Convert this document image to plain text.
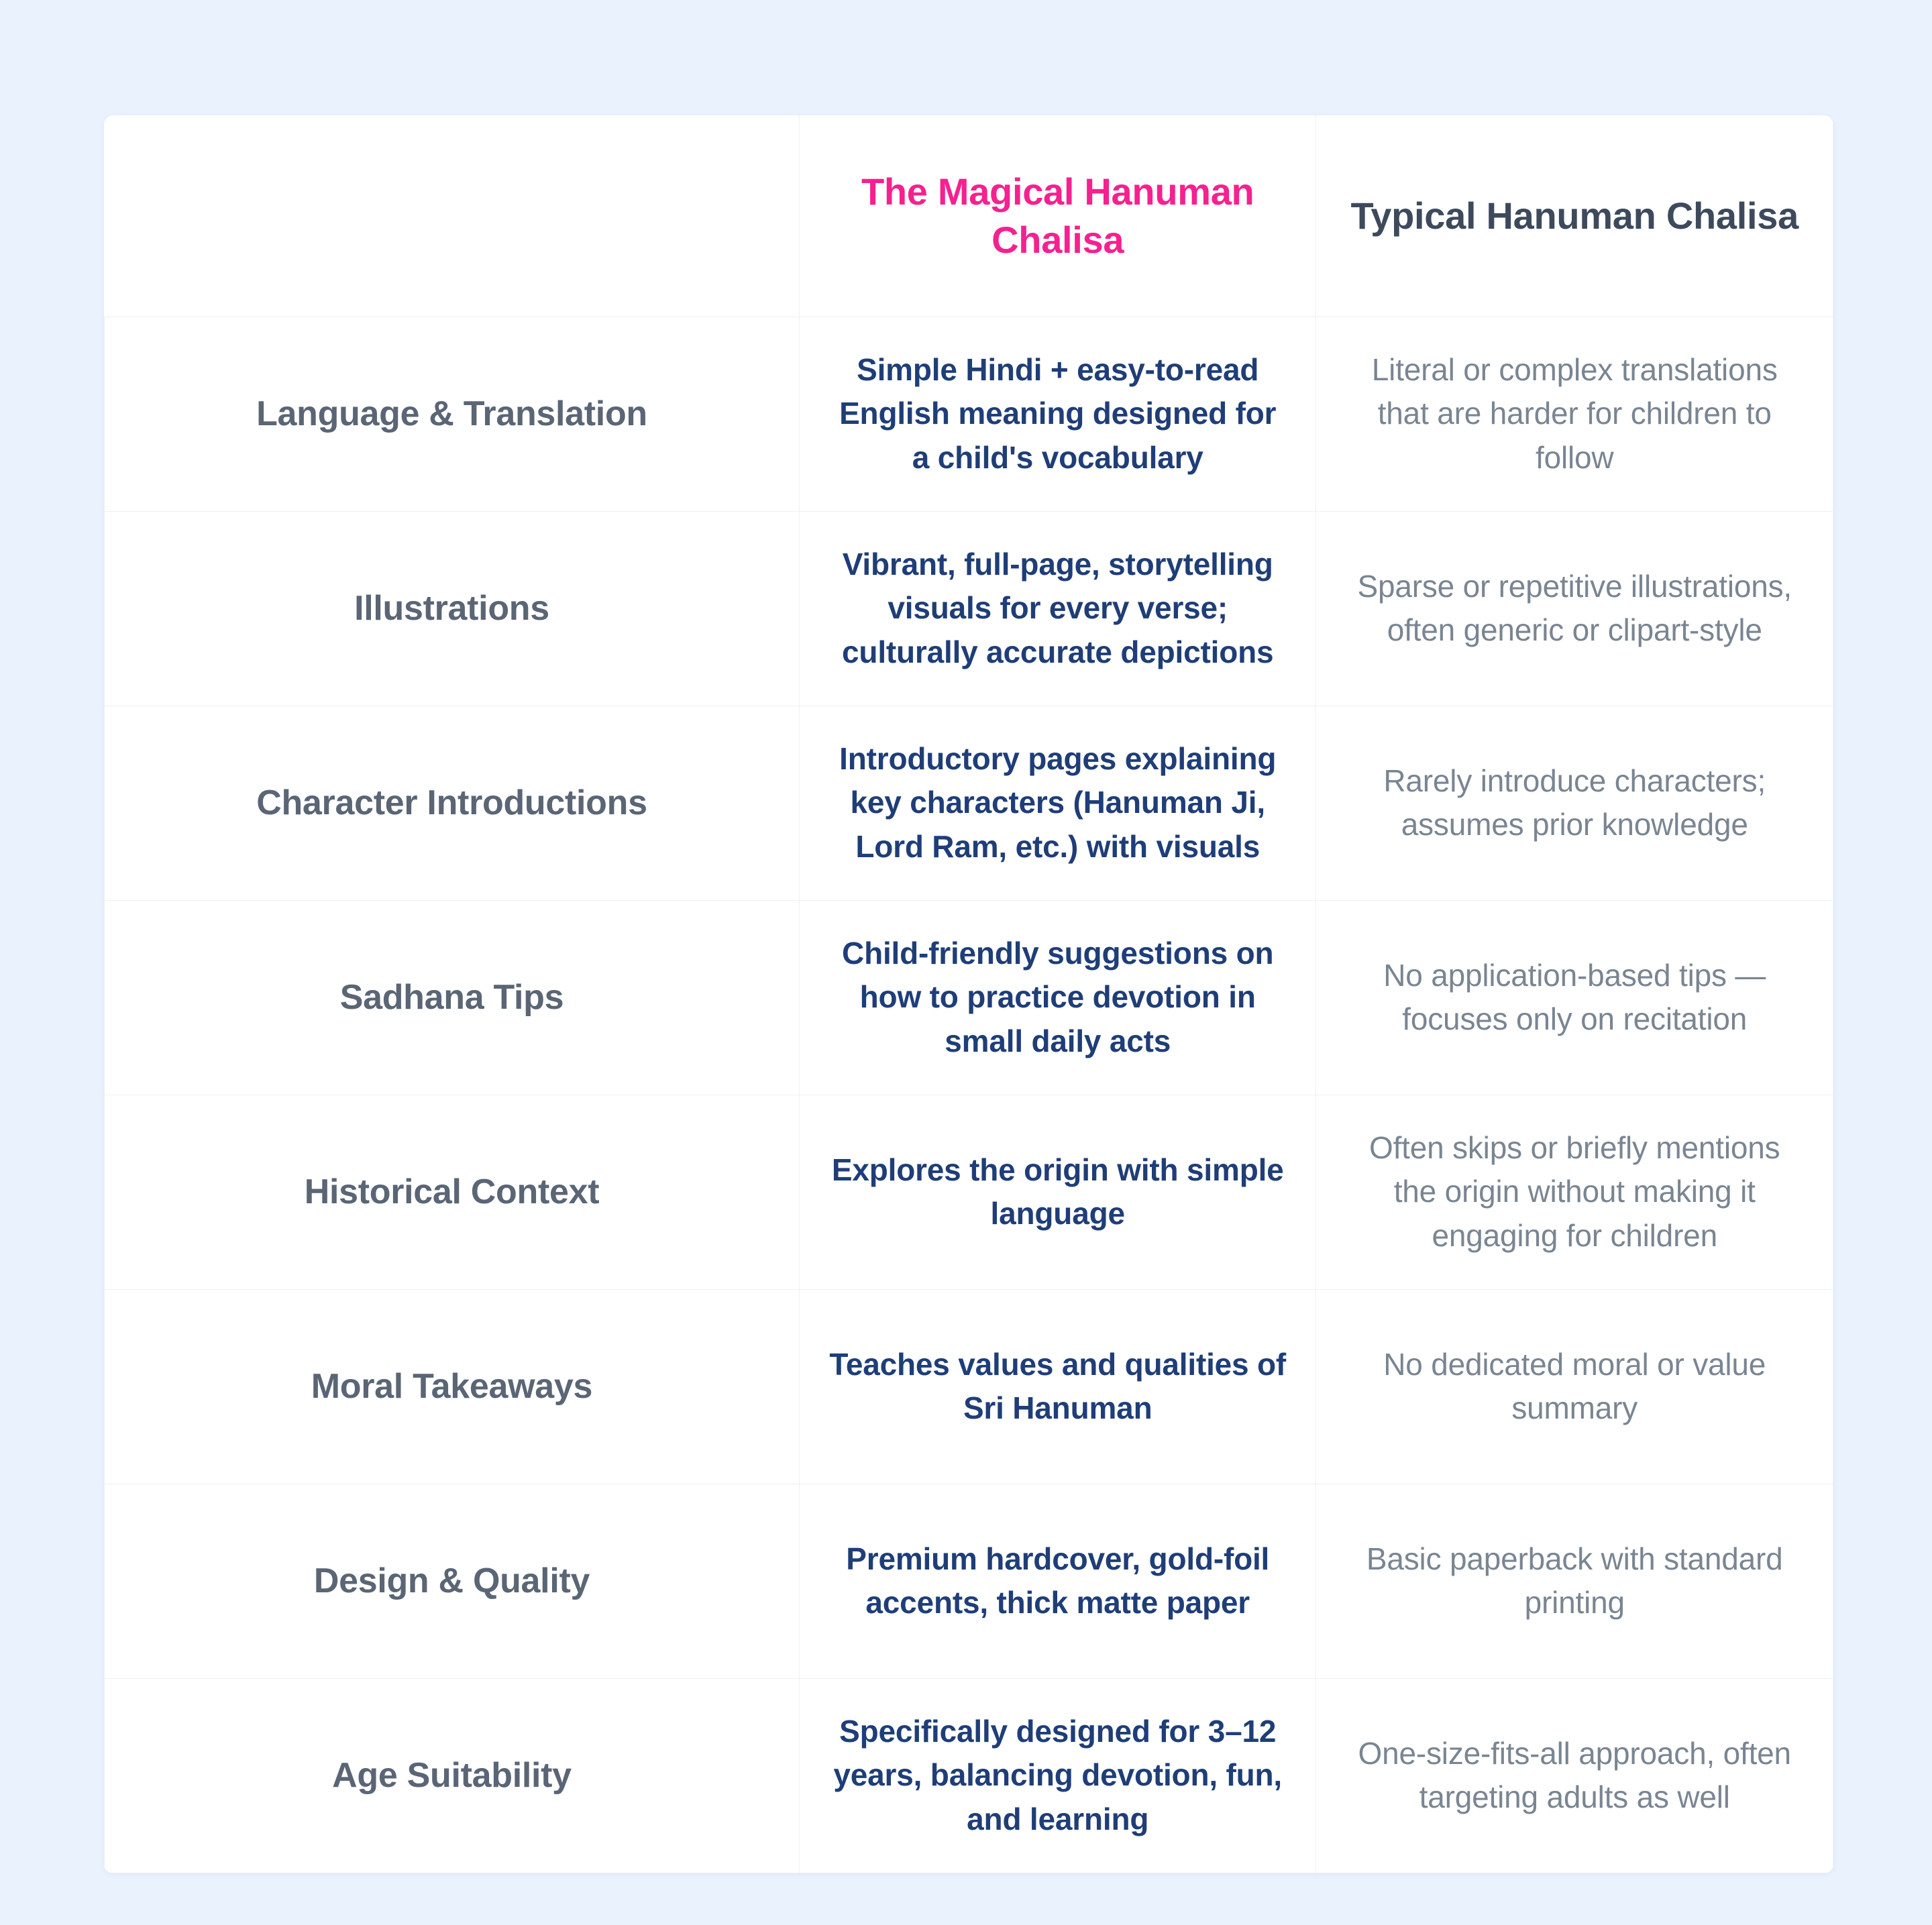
	The Magical Hanuman Chalisa	Typical Hanuman Chalisa
Language & Translation	Simple Hindi + easy-to-read English meaning designed for a child's vocabulary	Literal or complex translations that are harder for children to follow
Illustrations	Vibrant, full-page, storytelling visuals for every verse; culturally accurate depictions	Sparse or repetitive illustrations, often generic or clipart-style
Character Introductions	Introductory pages explaining key characters (Hanuman Ji, Lord Ram, etc.) with visuals	Rarely introduce characters; assumes prior knowledge
Sadhana Tips	Child-friendly suggestions on how to practice devotion in small daily acts	No application-based tips — focuses only on recitation
Historical Context	Explores the origin with simple language	Often skips or briefly mentions the origin without making it engaging for children
Moral Takeaways	Teaches values and qualities of Sri Hanuman	No dedicated moral or value summary
Design & Quality	Premium hardcover, gold-foil accents, thick matte paper	Basic paperback with standard printing
Age Suitability	Specifically designed for 3–12 years, balancing devotion, fun, and learning	One-size-fits-all approach, often targeting adults as well
